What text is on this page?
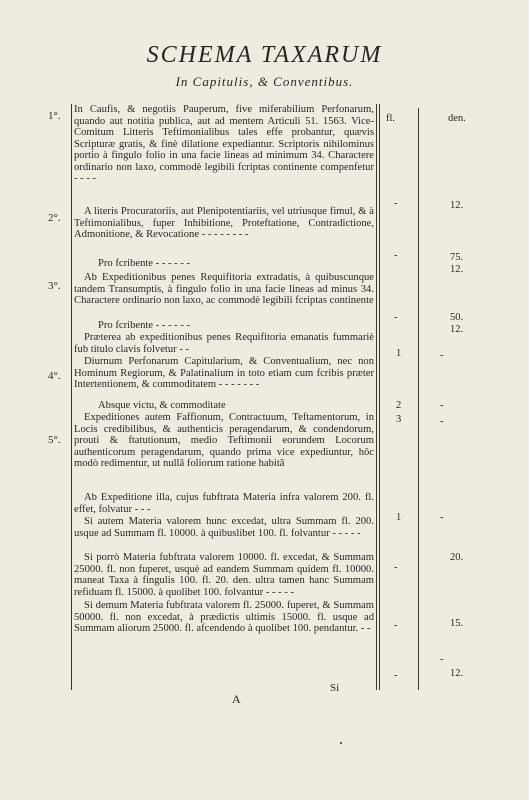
SCHEMA TAXARUM
In Capitulis, & Conventibus.
fl.	den.
1°.
2°.
3°.
4°.
5°.

In Caufis, & negotiis Pauperum, five miferabilium Perfonarum, quando aut notitia publica, aut ad mentem Articuli 51. 1563. Vice-Comitum Litteris Teftimonialibus tales effe probantur, quævis Scripturæ gratis, & finè dilatione expediantur. Scriptoris nihilominus portio à fingulo folio in una facie lineas ad minimum 34. Charactere ordinario non laxo, commodè legibili fcriptas continente compenfetur - - - -

A literis Procuratoriis, aut Plenipotentiariis, vel utriusque fimul, & à Teftimonialibus, fuper Inhibitione, Proteftatione, Contradictione, Admonitione, & Revocatione - - - - - - - -

Pro fcribente - - - - - -

Ab Expeditionibus penes Requifitoria extradatis, à quibuscunque tandem Transumptis, à fingulo folio in una facie lineas ad minus 34. Charactere ordinario non laxo, ac commodè legibili fcriptas continente

Pro fcribente - - - - - -

Præterea ab expeditionibus penes Requifitoria emanatis fummariè fub titulo clavis folvetur - -

Diurnum Perfonarum Capitularium, & Conventualium, nec non Hominum Regiorum, & Palatinalium in toto etiam cum fcribis præter Intertentionem, & commoditatem - - - - - - -

Absque victu, & commoditate

Expeditiones autem Faffionum, Contractuum, Teftamentorum, in Locis credibilibus, & authenticis peragendarum, & condendorum, prouti & ftatutionum, medio Teftimonii eorundem Locorum authenticorum peragendarum, quando prima vice expediuntur, hôc modò redimentur, ut nullâ foliorum ratione habitâ

Ab Expeditione illa, cujus fubftrata Materia infra valorem 200. fl. effet, folvatur - - -

Si autem Materia valorem hunc excedat, ultra Summam fl. 200. usque ad Summam fl. 10000. à quibuslibet 100. fl. folvantur - - - - -

Si porrò Materia fubftrata valorem 10000. fl. excedat, & Summam 25000. fl. non fuperet, usquè ad eandem Summam quidem fl. 10000. maneat Taxa à fingulis 100. fl. 20. den. ultra tamen hanc Summam refiduam fl. 15000. à quolibet 100. folvantur - - - - -

Si demum Materia fubftrata valorem fl. 25000. fuperet, & Summam 50000. fl. non excedat, à prædictis ultimis 15000. fl. usque ad Summam aliorum 25000. fl. afcendendo à quolibet 100. pendantur. - -

1
2
3
1
-
-
-
-
-
-
12.
75.
12.
50.
12.
20.
15.
12.
-
-
-
-
-
A
Si
